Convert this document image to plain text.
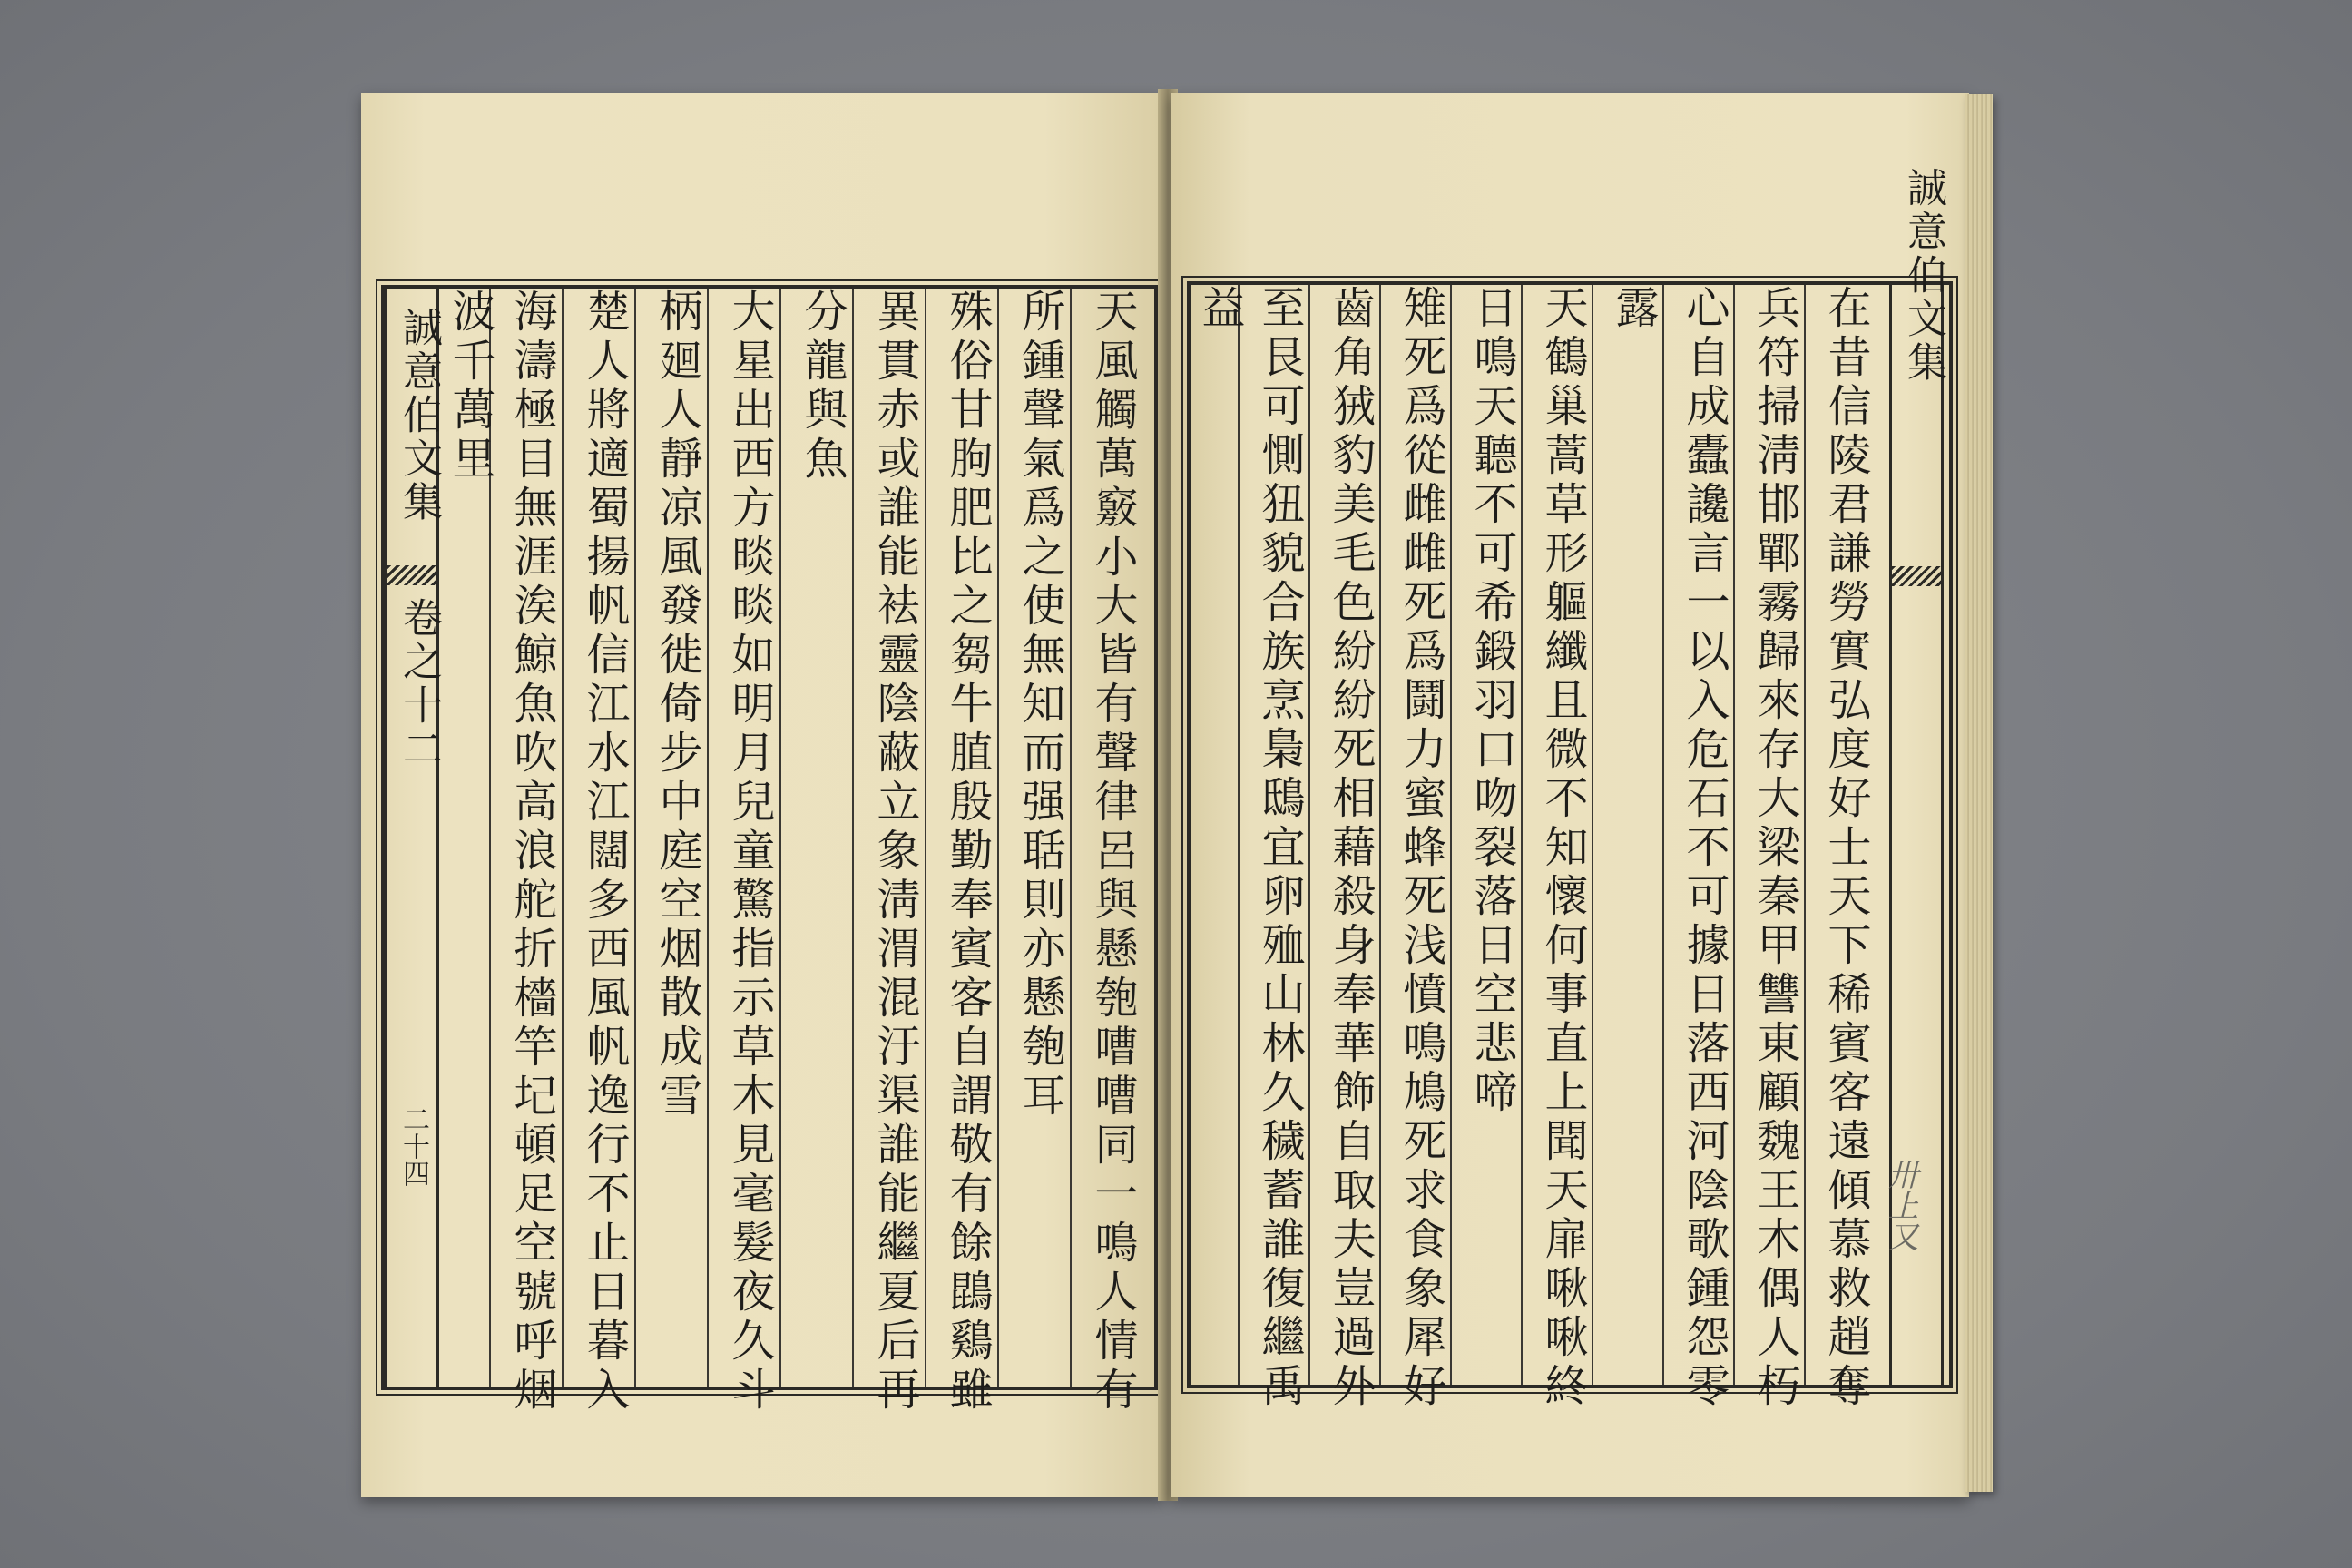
誠意伯文集
卷之十二
二十四	天風觸萬竅小大皆有聲律呂與懸匏嘈嘈同一鳴人情有
所鍾聲氣爲之使無知而强聒則亦懸匏耳
殊俗甘朐肥比之芻牛䐈殷勤奉賓客自謂敬有餘鵾鷄雖
異貫赤或誰能袪靈陰蔽立象淸渭混汙渠誰能繼夏后再
分龍與魚
大星出西方晱晱如明月兒童驚指示草木見毫髮夜久斗
柄廻人靜凉風發徙倚步中庭空烟散成雪
楚人將適蜀揚帆信江水江闊多西風帆逸行不止日暮入
海濤極目無涯涘鯨魚吹高浪舵折檣竿圮頓足空號呼烟
波千萬里	在昔信陵君謙勞實弘度好士天下稀賓客遠傾慕救趙奪
兵符掃淸邯鄲霧歸來存大梁秦甲讐東顧魏王木偶人朽
心自成蠹讒言一以入危石不可據日落西河陰歌鍾怨零
露
天鶴巢蒿草形軀纖且微不知懷何事直上聞天扉啾啾終
日鳴天聽不可希鍛羽口吻裂落日空悲啼
雉死爲從雌雌死爲鬪力蜜蜂死浅憤鳴鳩死求食象犀好
齒角狨豹美毛色紛紛死相藉殺身奉華飾自取夫豈過外
至艮可惻狃貌合族烹梟鴟宜卵殈山林久穢蓄誰復繼禹
益	誠意伯文集
卅上又
